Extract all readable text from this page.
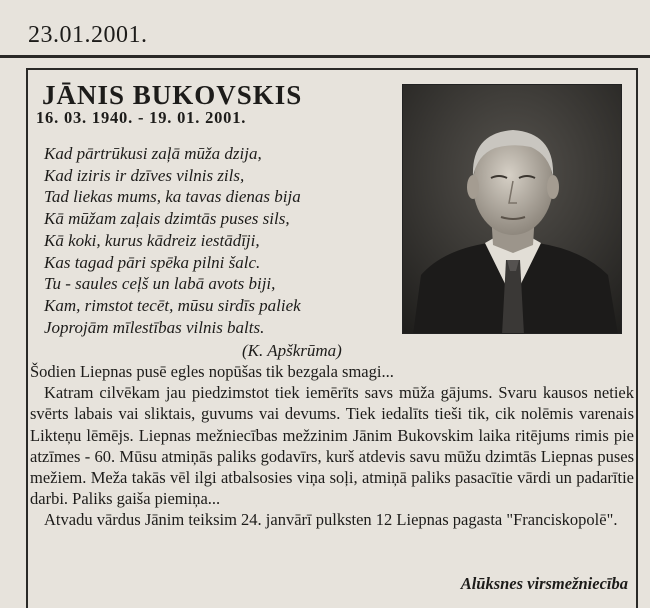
23.01.2001.
JĀNIS BUKOVSKIS
16. 03. 1940. - 19. 01. 2001.
Kad pārtrūkusi zaļā mūža dzija,
Kad iziris ir dzīves vilnis zils,
Tad liekas mums, ka tavas dienas bija
Kā mūžam zaļais dzimtās puses sils,
Kā koki, kurus kādreiz iestādīji,
Kas tagad pāri spēka pilni šalc.
Tu - saules ceļš un labā avots biji,
Kam, rimstot tecēt, mūsu sirdīs paliek
Joprojām mīlestības vilnis balts.
(K. Apškrūma)

Šodien Liepnas pusē egles nopūšas tik bezgala smagi...

Katram cilvēkam jau piedzimstot tiek iemērīts savs mūža gājums. Svaru kausos netiek svērts labais vai sliktais, guvums vai devums. Tiek iedalīts tieši tik, cik nolēmis varenais Likteņu lēmējs. Liepnas mežniecības mežzinim Jānim Bukovskim laika ritējums rimis pie atzīmes - 60. Mūsu atmiņās paliks godavīrs, kurš atdevis savu mūžu dzimtās Liepnas puses mežiem. Meža takās vēl ilgi atbalsosies viņa soļi, atmiņā paliks pasacītie vārdi un padarītie darbi. Paliks gaiša piemiņa...

Atvadu vārdus Jānim teiksim 24. janvārī pulksten 12 Liepnas pagasta "Franciskopolē".

Alūksnes virsmežniecība
